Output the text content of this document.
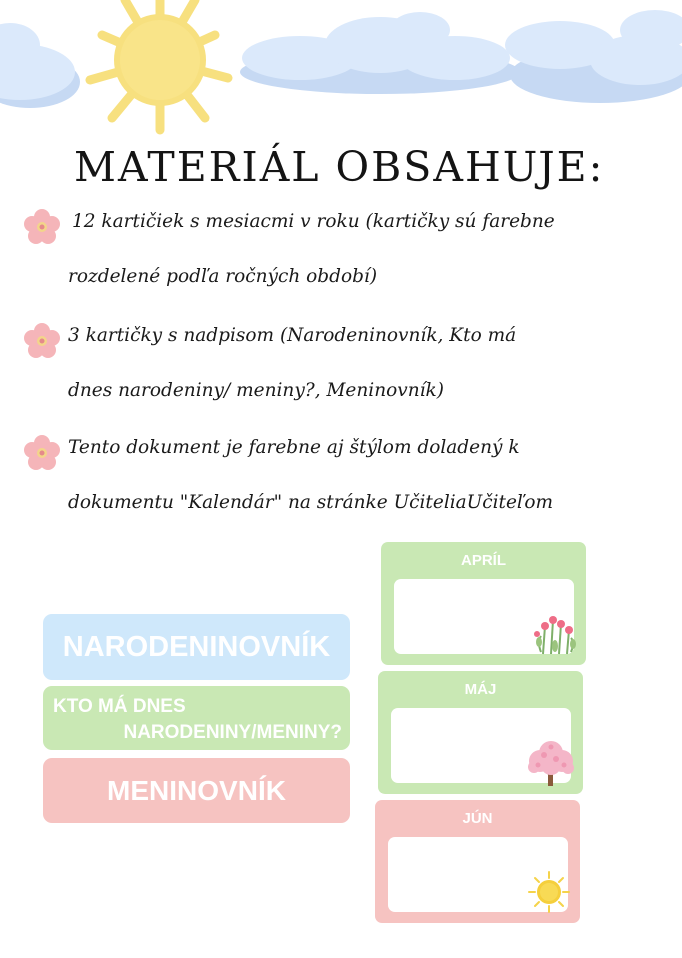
MATERIÁL OBSAHUJE:
12 kartičiek s mesiacmi v roku (kartičky sú farebne
rozdelené podľa ročných období)
3 kartičky s nadpisom (Narodeninovník, Kto má
dnes narodeniny/ meniny?, Meninovník)
Tento dokument je farebne aj štýlom doladený k
dokumentu "Kalendár" na stránke UčiteliaUčiteľom
NARODENINOVNÍK
KTO MÁ DNES
NARODENINY/MENINY?
MENINOVNÍK
APRÍL
MÁJ
JÚN
